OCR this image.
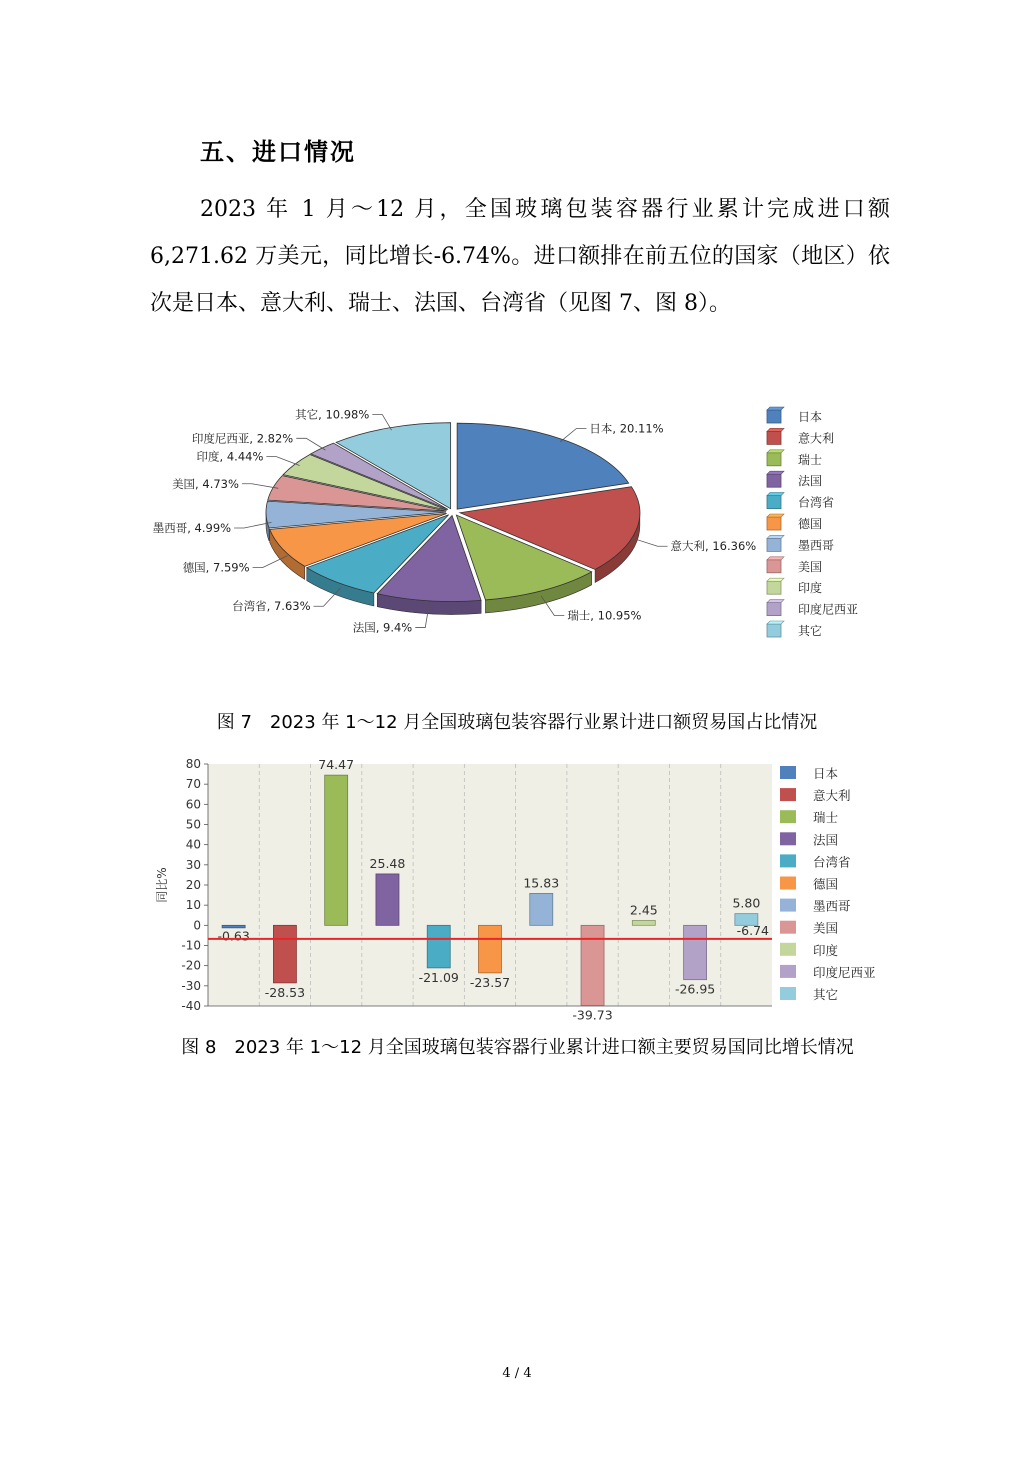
五、进口情况

2023 年 1 月～12 月，全国玻璃包装容器行业累计完成进口额 6,271.62 万美元，同比增长-6.74%。进口额排在前五位的国家（地区）依次是日本、意大利、瑞士、法国、台湾省（见图 7、图 8）。

日本, 20.11%
意大利, 16.36%
瑞士, 10.95%
法国, 9.4%
台湾省, 7.63%
德国, 7.59%
墨西哥, 4.99%
美国, 4.73%
印度, 4.44%
印度尼西亚, 2.82%
其它, 10.98%	日本
意大利
瑞士
法国
台湾省
德国
墨西哥
美国
印度
印度尼西亚
其它

图 7　2023 年 1～12 月全国玻璃包装容器行业累计进口额贸易国占比情况

80
70
60
50
40
30
20
10
0
-10
-20
-30
-40
同比%
-0.63
-28.53
74.47
25.48
-21.09 -23.57
15.83
-39.73
2.45
-26.95
5.80
-6.74
日本
意大利
瑞士
法国
台湾省
德国
墨西哥
美国
印度
印度尼西亚
其它

图 8　2023 年 1～12 月全国玻璃包装容器行业累计进口额主要贸易国同比增长情况

4 / 4
